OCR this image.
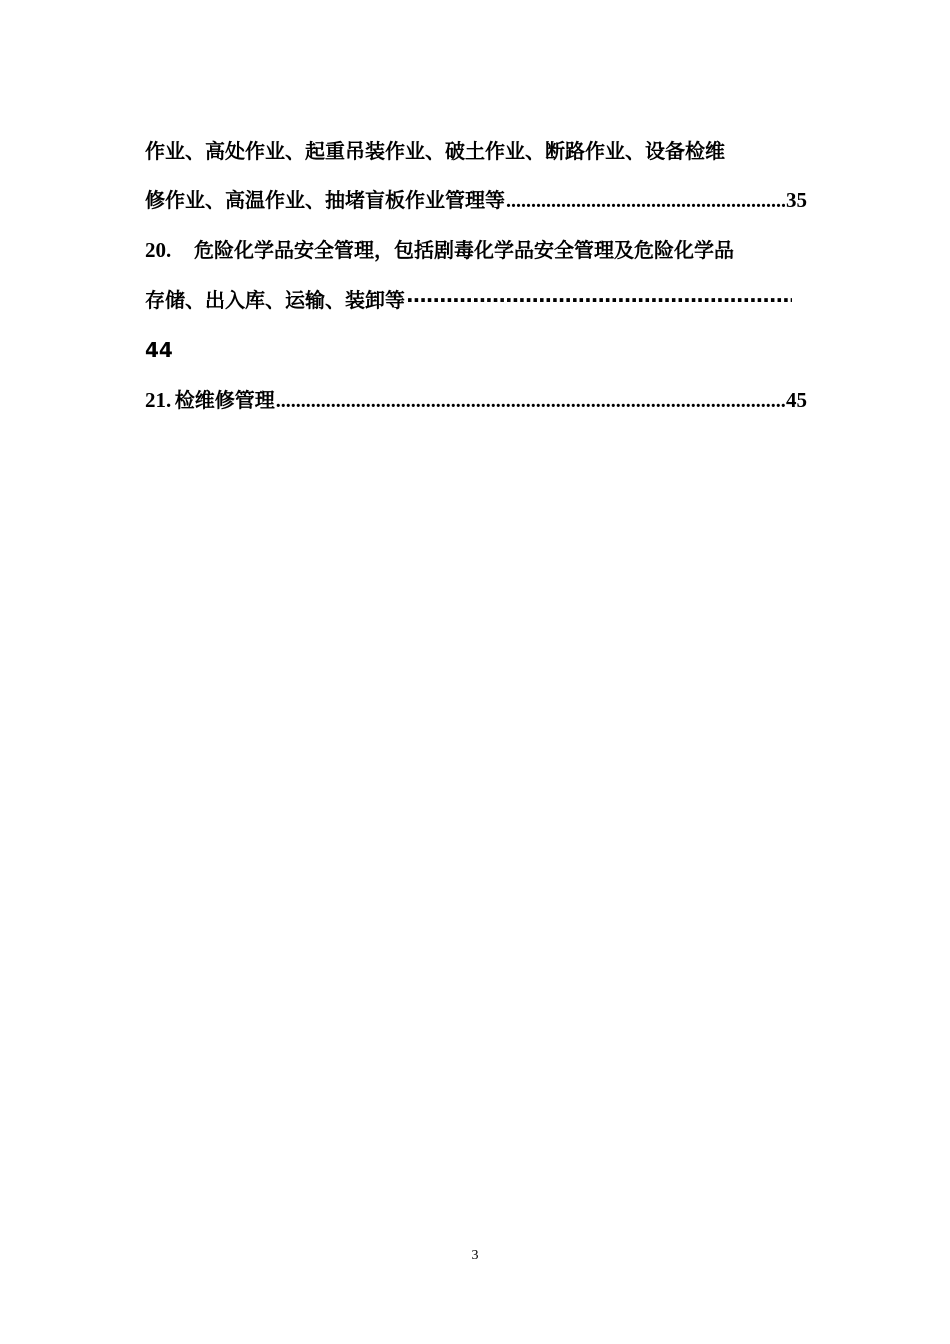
作业、高处作业、起重吊装作业、破土作业、断路作业、设备检维
修作业、高温作业、抽堵盲板作业管理等 .....	35
20.	危险化学品安全管理，包括剧毒化学品安全管理及危险化学品
存储、出入库、运输、装卸等
·····
44
21. 检维修管理 .....	45
3
